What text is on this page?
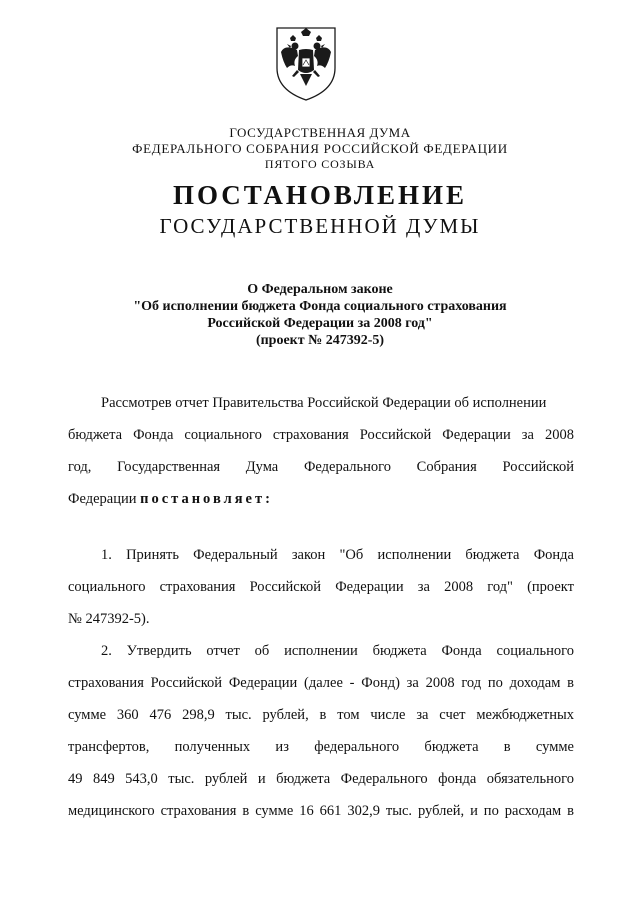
ГОСУДАРСТВЕННАЯ ДУМА
ФЕДЕРАЛЬНОГО СОБРАНИЯ РОССИЙСКОЙ ФЕДЕРАЦИИ
ПЯТОГО СОЗЫВА
ПОСТАНОВЛЕНИЕ
ГОСУДАРСТВЕННОЙ ДУМЫ
О Федеральном законе
"Об исполнении бюджета Фонда социального страхования
Российской Федерации за 2008 год"
(проект № 247392-5)
Рассмотрев отчет Правительства Российской Федерации об исполнении
бюджета Фонда социального страхования Российской Федерации за 2008
год, Государственная Дума Федерального Собрания Российской
Федерации постановляет:
1. Принять Федеральный закон "Об исполнении бюджета Фонда
социального страхования Российской Федерации за 2008 год" (проект
№ 247392-5).
2. Утвердить отчет об исполнении бюджета Фонда социального
страхования Российской Федерации (далее - Фонд) за 2008 год по доходам в
сумме 360 476 298,9 тыс. рублей, в том числе за счет межбюджетных
трансфертов, полученных из федерального бюджета в сумме
49 849 543,0 тыс. рублей и бюджета Федерального фонда обязательного
медицинского страхования в сумме 16 661 302,9 тыс. рублей, и по расходам в
